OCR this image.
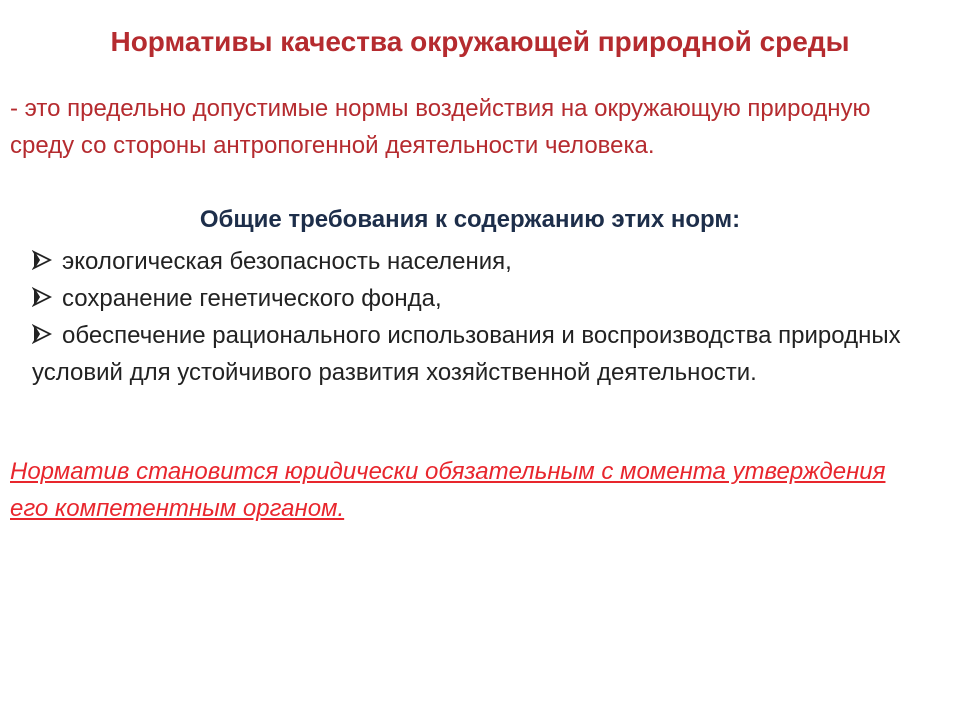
Нормативы качества окружающей природной среды
- это предельно допустимые нормы воздействия на окружающую природную среду со стороны антропогенной деятельности человека.
Общие требования к содержанию этих норм:
экологическая безопасность населения,
сохранение генетического фонда,
обеспечение рационального использования и воспроизводства природных условий для устойчивого развития хозяйственной деятельности.
Норматив становится юридически обязательным с момента утверждения его компетентным органом.
